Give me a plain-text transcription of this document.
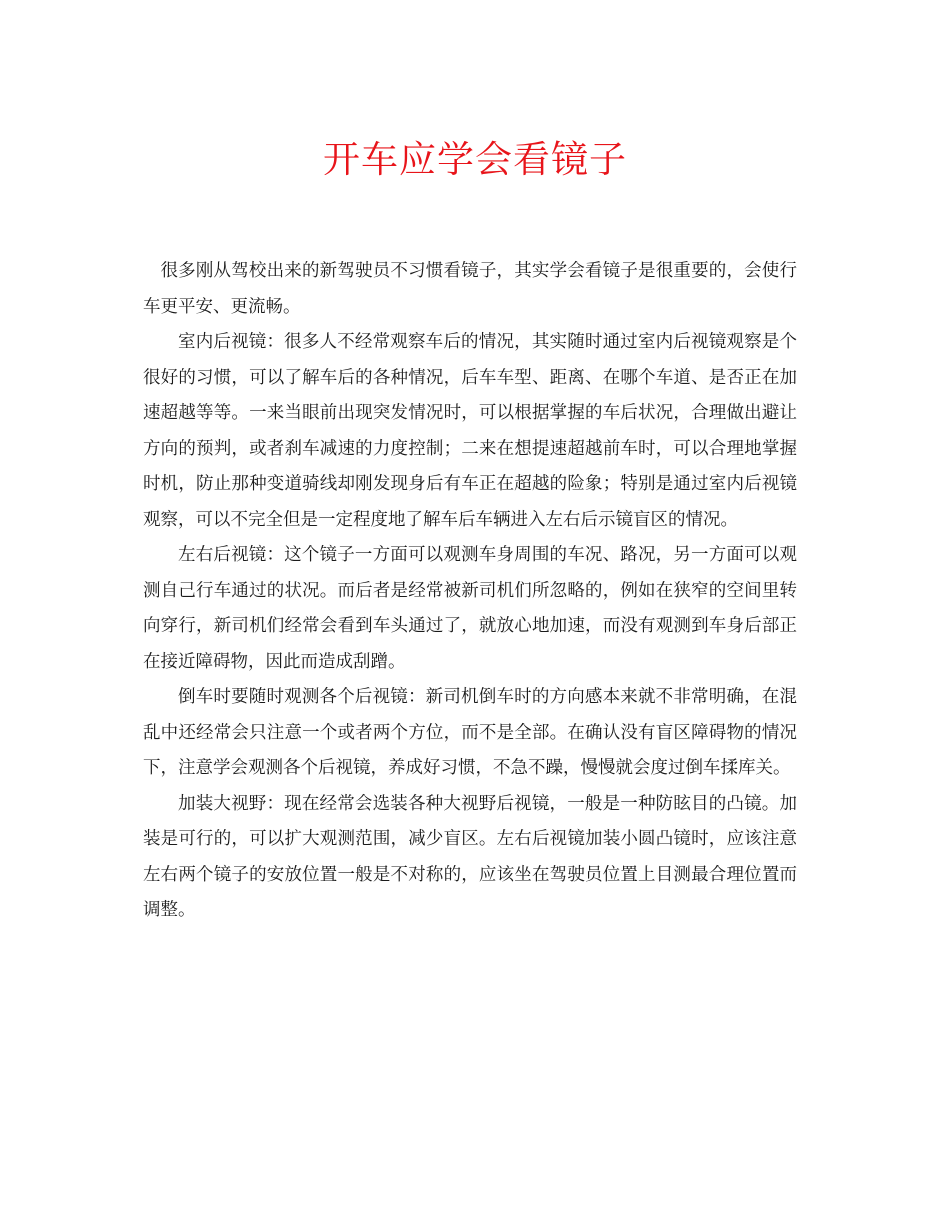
开车应学会看镜子

很多刚从驾校出来的新驾驶员不习惯看镜子，其实学会看镜子是很重要的，会使行车更平安、更流畅。

室内后视镜：很多人不经常观察车后的情况，其实随时通过室内后视镜观察是个很好的习惯，可以了解车后的各种情况，后车车型、距离、在哪个车道、是否正在加速超越等等。一来当眼前出现突发情况时，可以根据掌握的车后状况，合理做出避让方向的预判，或者刹车减速的力度控制；二来在想提速超越前车时，可以合理地掌握时机，防止那种变道骑线却刚发现身后有车正在超越的险象；特别是通过室内后视镜观察，可以不完全但是一定程度地了解车后车辆进入左右后示镜盲区的情况。

左右后视镜：这个镜子一方面可以观测车身周围的车况、路况，另一方面可以观测自己行车通过的状况。而后者是经常被新司机们所忽略的，例如在狭窄的空间里转向穿行，新司机们经常会看到车头通过了，就放心地加速，而没有观测到车身后部正在接近障碍物，因此而造成刮蹭。

倒车时要随时观测各个后视镜：新司机倒车时的方向感本来就不非常明确，在混乱中还经常会只注意一个或者两个方位，而不是全部。在确认没有盲区障碍物的情况下，注意学会观测各个后视镜，养成好习惯，不急不躁，慢慢就会度过倒车揉库关。

加装大视野：现在经常会选装各种大视野后视镜，一般是一种防眩目的凸镜。加装是可行的，可以扩大观测范围，减少盲区。左右后视镜加装小圆凸镜时，应该注意左右两个镜子的安放位置一般是不对称的，应该坐在驾驶员位置上目测最合理位置而调整。
